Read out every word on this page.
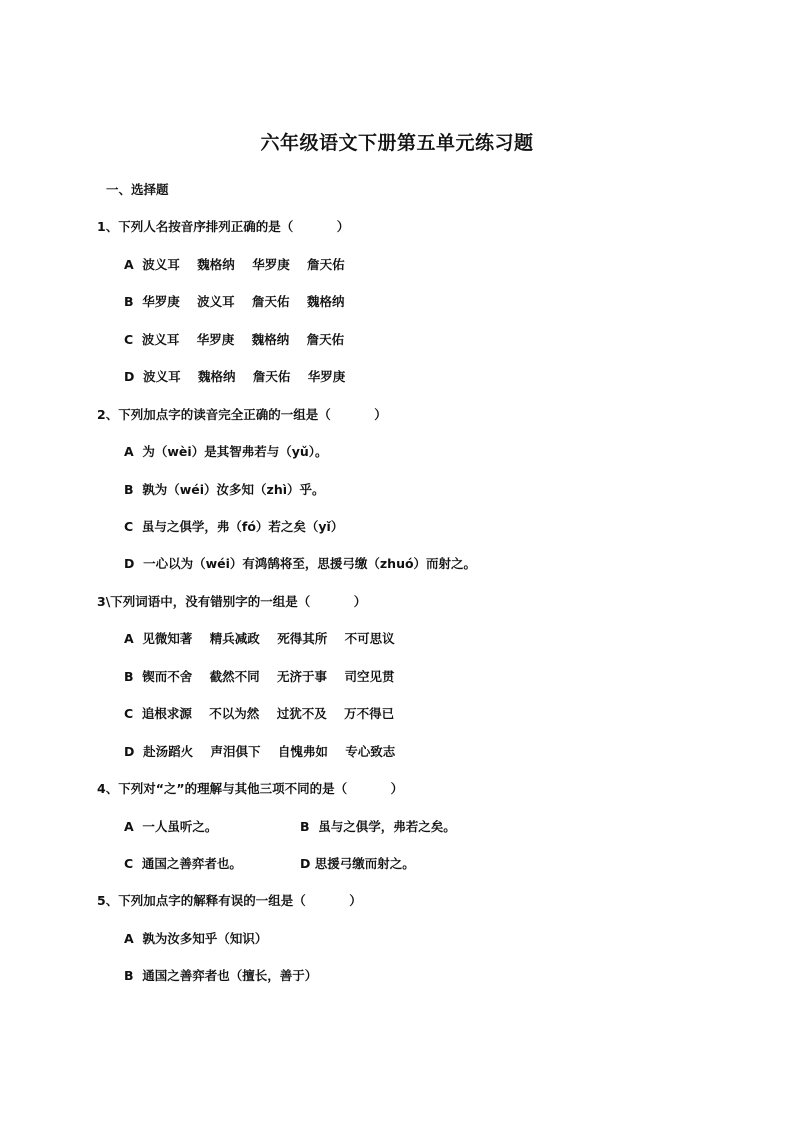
六年级语文下册第五单元练习题
一、选择题
1、下列人名按音序排列正确的是（          ）
A  波义耳    魏格纳    华罗庚    詹天佑
B  华罗庚    波义耳    詹天佑    魏格纳
C  波义耳    华罗庚    魏格纳    詹天佑
D  波义耳    魏格纳    詹天佑    华罗庚
2、下列加点字的读音完全正确的一组是（          ）
A  为（wèi）是其智弗若与（yǔ）。
B  孰为（wéi）汝多知（zhì）乎。
C  虽与之俱学，弗（fó）若之矣（yǐ）
D  一心以为（wéi）有鸿鹄将至，思援弓缴（zhuó）而射之。
3\下列词语中，没有错别字的一组是（          ）
A  见微知著    精兵减政    死得其所    不可思议
B  锲而不舍    截然不同    无济于事    司空见贯
C  追根求源    不以为然    过犹不及    万不得已
D  赴汤蹈火    声泪俱下    自愧弗如    专心致志
4、下列对“之”的理解与其他三项不同的是（          ）
A  一人虽听之。	B  虽与之俱学，弗若之矣。
C  通国之善弈者也。	D 思援弓缴而射之。
5、下列加点字的解释有误的一组是（          ）
A  孰为汝多知乎（知识）
B  通国之善弈者也（擅长，善于）
